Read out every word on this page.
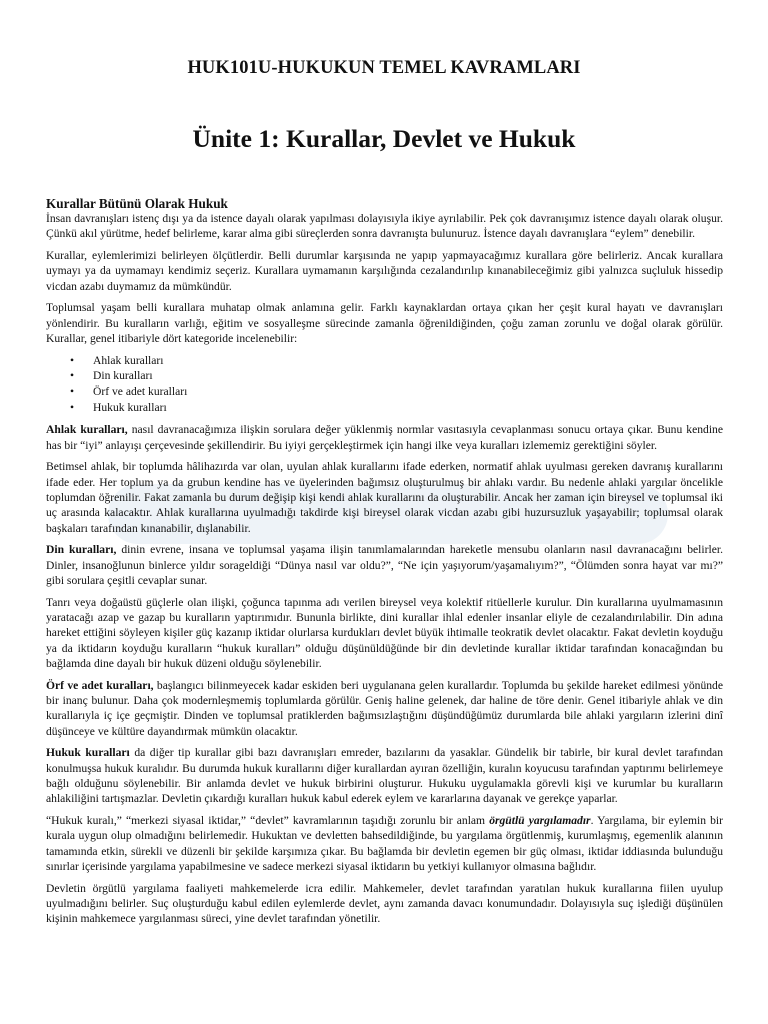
HUK101U-HUKUKUN TEMEL KAVRAMLARI
Ünite 1: Kurallar, Devlet ve Hukuk
Kurallar Bütünü Olarak Hukuk

İnsan davranışları istenç dışı ya da istence dayalı olarak yapılması dolayısıyla ikiye ayrılabilir. Pek çok davranışımız istence dayalı olarak oluşur. Çünkü akıl yürütme, hedef belirleme, karar alma gibi süreçlerden sonra davranışta bulunuruz. İstence dayalı davranışlara “eylem” denebilir.

Kurallar, eylemlerimizi belirleyen ölçütlerdir. Belli durumlar karşısında ne yapıp yapmayacağımız kurallara göre belirleriz. Ancak kurallara uymayı ya da uymamayı kendimiz seçeriz. Kurallara uymamanın karşılığında cezalandırılıp kınanabileceğimiz gibi yalnızca suçluluk hissedip vicdan azabı duymamız da mümkündür.

Toplumsal yaşam belli kurallara muhatap olmak anlamına gelir. Farklı kaynaklardan ortaya çıkan her çeşit kural hayatı ve davranışları yönlendirir. Bu kuralların varlığı, eğitim ve sosyalleşme sürecinde zamanla öğrenildiğinden, çoğu zaman zorunlu ve doğal olarak görülür. Kurallar, genel itibariyle dört kategoride incelenebilir:

•	Ahlak kuralları
•	Din kuralları
•	Örf ve adet kuralları
•	Hukuk kuralları

Ahlak kuralları, nasıl davranacağımıza ilişkin sorulara değer yüklenmiş normlar vasıtasıyla cevaplanması sonucu ortaya çıkar. Bunu kendine has bir “iyi” anlayışı çerçevesinde şekillendirir. Bu iyiyi gerçekleştirmek için hangi ilke veya kuralları izlememiz gerektiğini söyler.

Betimsel ahlak, bir toplumda hâlihazırda var olan, uyulan ahlak kurallarını ifade ederken, normatif ahlak uyulması gereken davranış kurallarını ifade eder. Her toplum ya da grubun kendine has ve üyelerinden bağımsız oluşturulmuş bir ahlakı vardır. Bu nedenle ahlaki yargılar öncelikle toplumdan öğrenilir. Fakat zamanla bu durum değişip kişi kendi ahlak kurallarını da oluşturabilir. Ancak her zaman için bireysel ve toplumsal iki uç arasında kalacaktır. Ahlak kurallarına uyulmadığı takdirde kişi bireysel olarak vicdan azabı gibi huzursuzluk yaşayabilir; toplumsal olarak başkaları tarafından kınanabilir, dışlanabilir.

Din kuralları, dinin evrene, insana ve toplumsal yaşama ilişin tanımlamalarından hareketle mensubu olanların nasıl davranacağını belirler. Dinler, insanoğlunun binlerce yıldır sorageldiği “Dünya nasıl var oldu?”, “Ne için yaşıyorum/yaşamalıyım?”, “Ölümden sonra hayat var mı?” gibi sorulara çeşitli cevaplar sunar.

Tanrı veya doğaüstü güçlerle olan ilişki, çoğunca tapınma adı verilen bireysel veya kolektif ritüellerle kurulur. Din kurallarına uyulmamasının yaratacağı azap ve gazap bu kuralların yaptırımıdır. Bununla birlikte, dini kurallar ihlal edenler insanlar eliyle de cezalandırılabilir. Din adına hareket ettiğini söyleyen kişiler güç kazanıp iktidar olurlarsa kurdukları devlet büyük ihtimalle teokratik devlet olacaktır. Fakat devletin koyduğu ya da iktidarın koyduğu kuralların “hukuk kuralları” olduğu düşünüldüğünde bir din devletinde kurallar iktidar tarafından konacağından bu bağlamda dine dayalı bir hukuk düzeni olduğu söylenebilir.

Örf ve adet kuralları, başlangıcı bilinmeyecek kadar eskiden beri uygulanana gelen kurallardır. Toplumda bu şekilde hareket edilmesi yönünde bir inanç bulunur. Daha çok modernleşmemiş toplumlarda görülür. Geniş haline gelenek, dar haline de töre denir. Genel itibariyle ahlak ve din kurallarıyla iç içe geçmiştir. Dinden ve toplumsal pratiklerden bağımsızlaştığını düşündüğümüz durumlarda bile ahlaki yargıların izlerini dinî düşünceye ve kültüre dayandırmak mümkün olacaktır.

Hukuk kuralları da diğer tip kurallar gibi bazı davranışları emreder, bazılarını da yasaklar. Gündelik bir tabirle, bir kural devlet tarafından konulmuşsa hukuk kuralıdır. Bu durumda hukuk kurallarını diğer kurallardan ayıran özelliğin, kuralın koyucusu tarafından yaptırımı belirlemeye bağlı olduğunu söylenebilir. Bir anlamda devlet ve hukuk birbirini oluşturur. Hukuku uygulamakla görevli kişi ve kurumlar bu kuralların ahlakiliğini tartışmazlar. Devletin çıkardığı kuralları hukuk kabul ederek eylem ve kararlarına dayanak ve gerekçe yaparlar.

“Hukuk kuralı,” “merkezi siyasal iktidar,” “devlet” kavramlarının taşıdığı zorunlu bir anlam örgütlü yargılamadır. Yargılama, bir eylemin bir kurala uygun olup olmadığını belirlemedir. Hukuktan ve devletten bahsedildiğinde, bu yargılama örgütlenmiş, kurumlaşmış, egemenlik alanının tamamında etkin, sürekli ve düzenli bir şekilde karşımıza çıkar. Bu bağlamda bir devletin egemen bir güç olması, iktidar iddiasında bulunduğu sınırlar içerisinde yargılama yapabilmesine ve sadece merkezi siyasal iktidarın bu yetkiyi kullanıyor olmasına bağlıdır.

Devletin örgütlü yargılama faaliyeti mahkemelerde icra edilir. Mahkemeler, devlet tarafından yaratılan hukuk kurallarına fiilen uyulup uyulmadığını belirler. Suç oluşturduğu kabul edilen eylemlerde devlet, aynı zamanda davacı konumundadır. Dolayısıyla suç işlediği düşünülen kişinin mahkemece yargılanması süreci, yine devlet tarafından yönetilir.
